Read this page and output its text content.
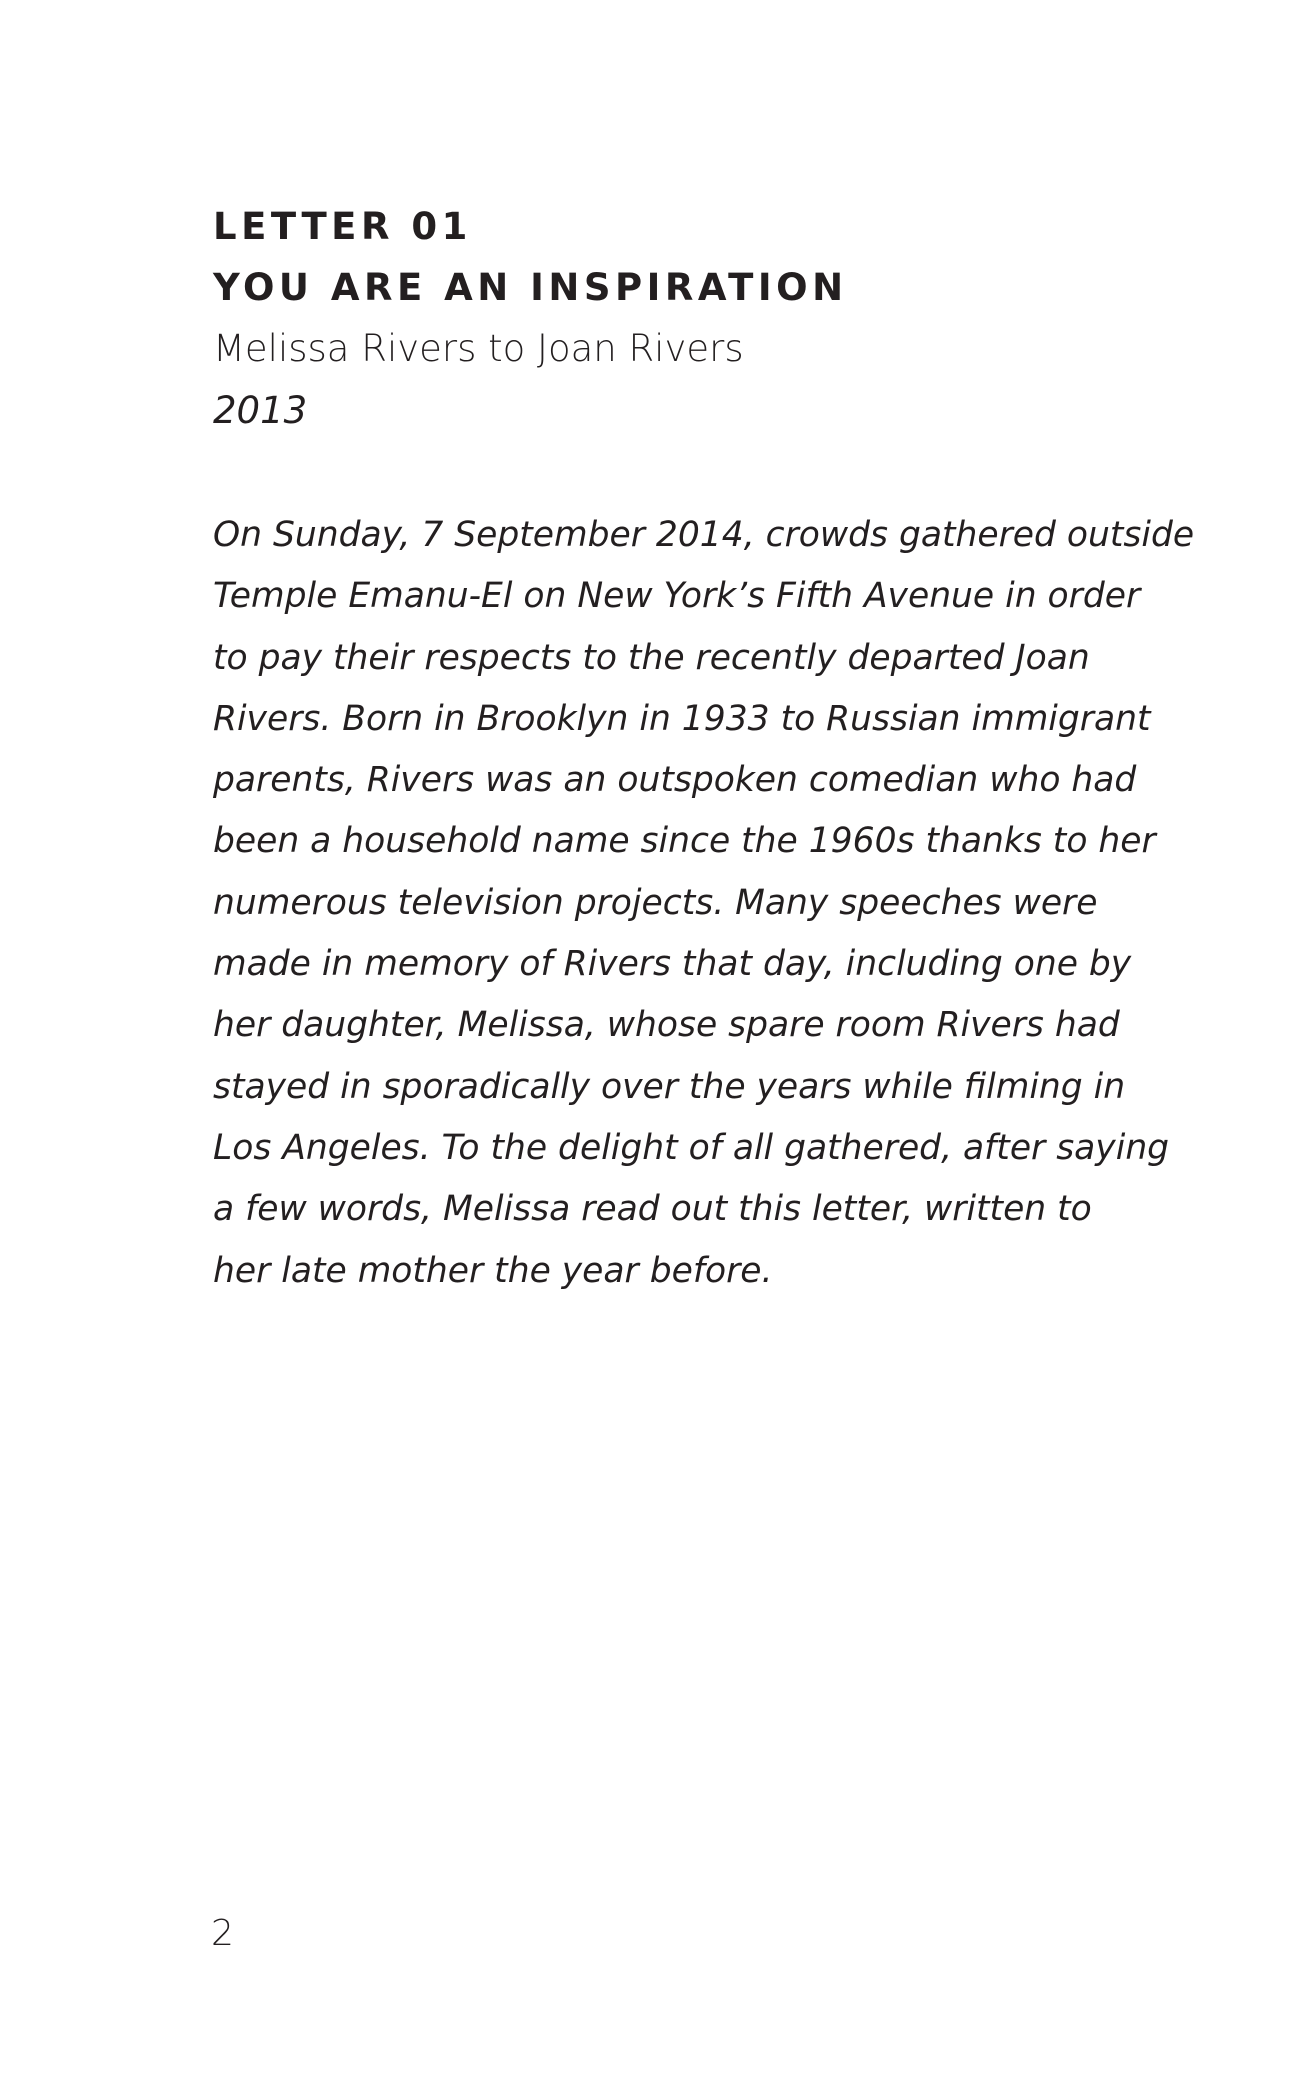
LETTER 01

YOU ARE AN INSPIRATION

Melissa Rivers to Joan Rivers

2013

On Sunday, 7 September 2014, crowds gathered outside
Temple Emanu-El on New York’s Fifth Avenue in order
to pay their respects to the recently departed Joan
Rivers. Born in Brooklyn in 1933 to Russian immigrant
parents, Rivers was an outspoken comedian who had
been a household name since the 1960s thanks to her
numerous television projects. Many speeches were
made in memory of Rivers that day, including one by
her daughter, Melissa, whose spare room Rivers had
stayed in sporadically over the years while filming in
Los Angeles. To the delight of all gathered, after saying
a few words, Melissa read out this letter, written to
her late mother the year before.

2
